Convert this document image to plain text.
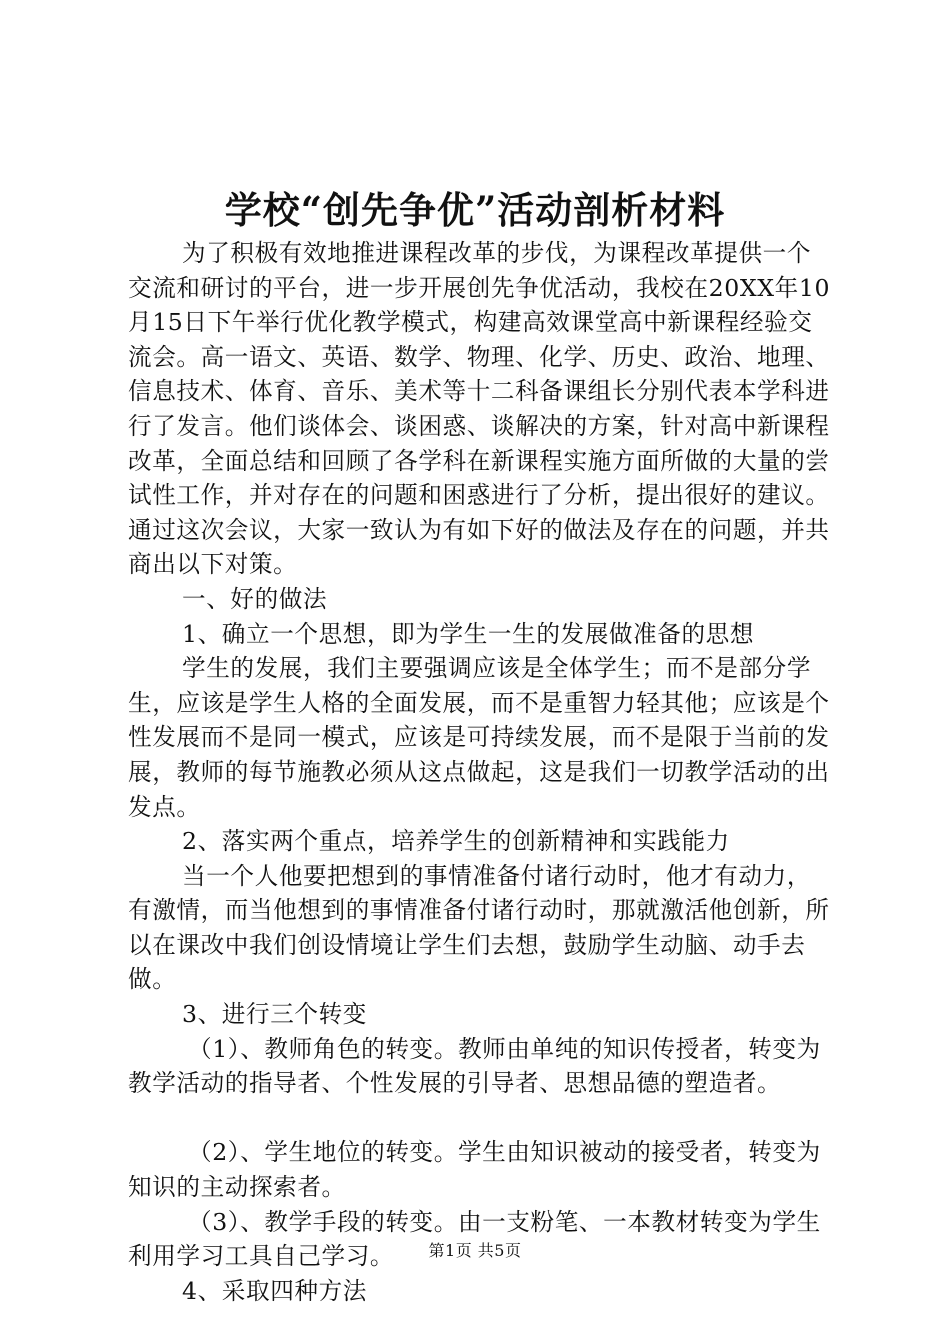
学校“创先争优”活动剖析材料

为了积极有效地推进课程改革的步伐，为课程改革提供一个交流和研讨的平台，进一步开展创先争优活动，我校在20XX年10月15日下午举行优化教学模式，构建高效课堂高中新课程经验交流会。高一语文、英语、数学、物理、化学、历史、政治、地理、信息技术、体育、音乐、美术等十二科备课组长分别代表本学科进行了发言。他们谈体会、谈困惑、谈解决的方案，针对高中新课程改革，全面总结和回顾了各学科在新课程实施方面所做的大量的尝试性工作，并对存在的问题和困惑进行了分析，提出很好的建议。通过这次会议，大家一致认为有如下好的做法及存在的问题，并共商出以下对策。

一、好的做法

1、确立一个思想，即为学生一生的发展做准备的思想

学生的发展，我们主要强调应该是全体学生；而不是部分学生，应该是学生人格的全面发展，而不是重智力轻其他；应该是个性发展而不是同一模式，应该是可持续发展，而不是限于当前的发展，教师的每节施教必须从这点做起，这是我们一切教学活动的出发点。

2、落实两个重点，培养学生的创新精神和实践能力

当一个人他要把想到的事情准备付诸行动时，他才有动力，有激情，而当他想到的事情准备付诸行动时，那就激活他创新，所以在课改中我们创设情境让学生们去想，鼓励学生动脑、动手去做。

3、进行三个转变

（1）、教师角色的转变。教师由单纯的知识传授者，转变为教学活动的指导者、个性发展的引导者、思想品德的塑造者。

（2）、学生地位的转变。学生由知识被动的接受者，转变为知识的主动探索者。

（3）、教学手段的转变。由一支粉笔、一本教材转变为学生利用学习工具自己学习。

4、采取四种方法

第1页 共5页
